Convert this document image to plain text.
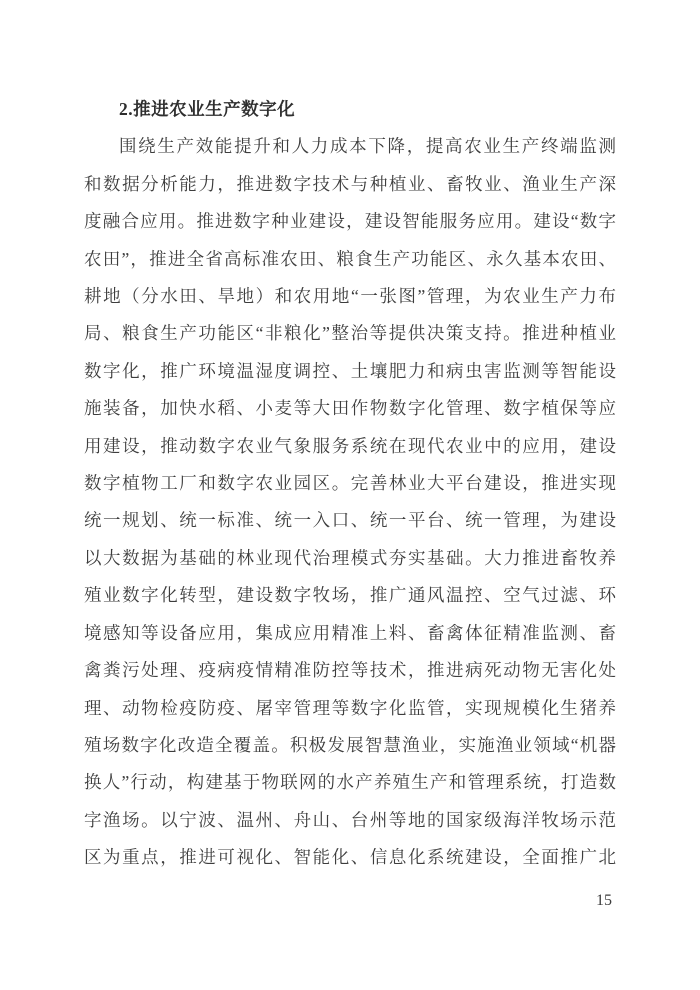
2.推进农业生产数字化
围绕生产效能提升和人力成本下降，提高农业生产终端监测
和数据分析能力，推进数字技术与种植业、畜牧业、渔业生产深
度融合应用。推进数字种业建设，建设智能服务应用。建设“数字
农田”，推进全省高标准农田、粮食生产功能区、永久基本农田、
耕地（分水田、旱地）和农用地“一张图”管理，为农业生产力布
局、粮食生产功能区“非粮化”整治等提供决策支持。推进种植业
数字化，推广环境温湿度调控、土壤肥力和病虫害监测等智能设
施装备，加快水稻、小麦等大田作物数字化管理、数字植保等应
用建设，推动数字农业气象服务系统在现代农业中的应用，建设
数字植物工厂和数字农业园区。完善林业大平台建设，推进实现
统一规划、统一标准、统一入口、统一平台、统一管理，为建设
以大数据为基础的林业现代治理模式夯实基础。大力推进畜牧养
殖业数字化转型，建设数字牧场，推广通风温控、空气过滤、环
境感知等设备应用，集成应用精准上料、畜禽体征精准监测、畜
禽粪污处理、疫病疫情精准防控等技术，推进病死动物无害化处
理、动物检疫防疫、屠宰管理等数字化监管，实现规模化生猪养
殖场数字化改造全覆盖。积极发展智慧渔业，实施渔业领域“机器
换人”行动，构建基于物联网的水产养殖生产和管理系统，打造数
字渔场。以宁波、温州、舟山、台州等地的国家级海洋牧场示范
区为重点，推进可视化、智能化、信息化系统建设，全面推广北
15
